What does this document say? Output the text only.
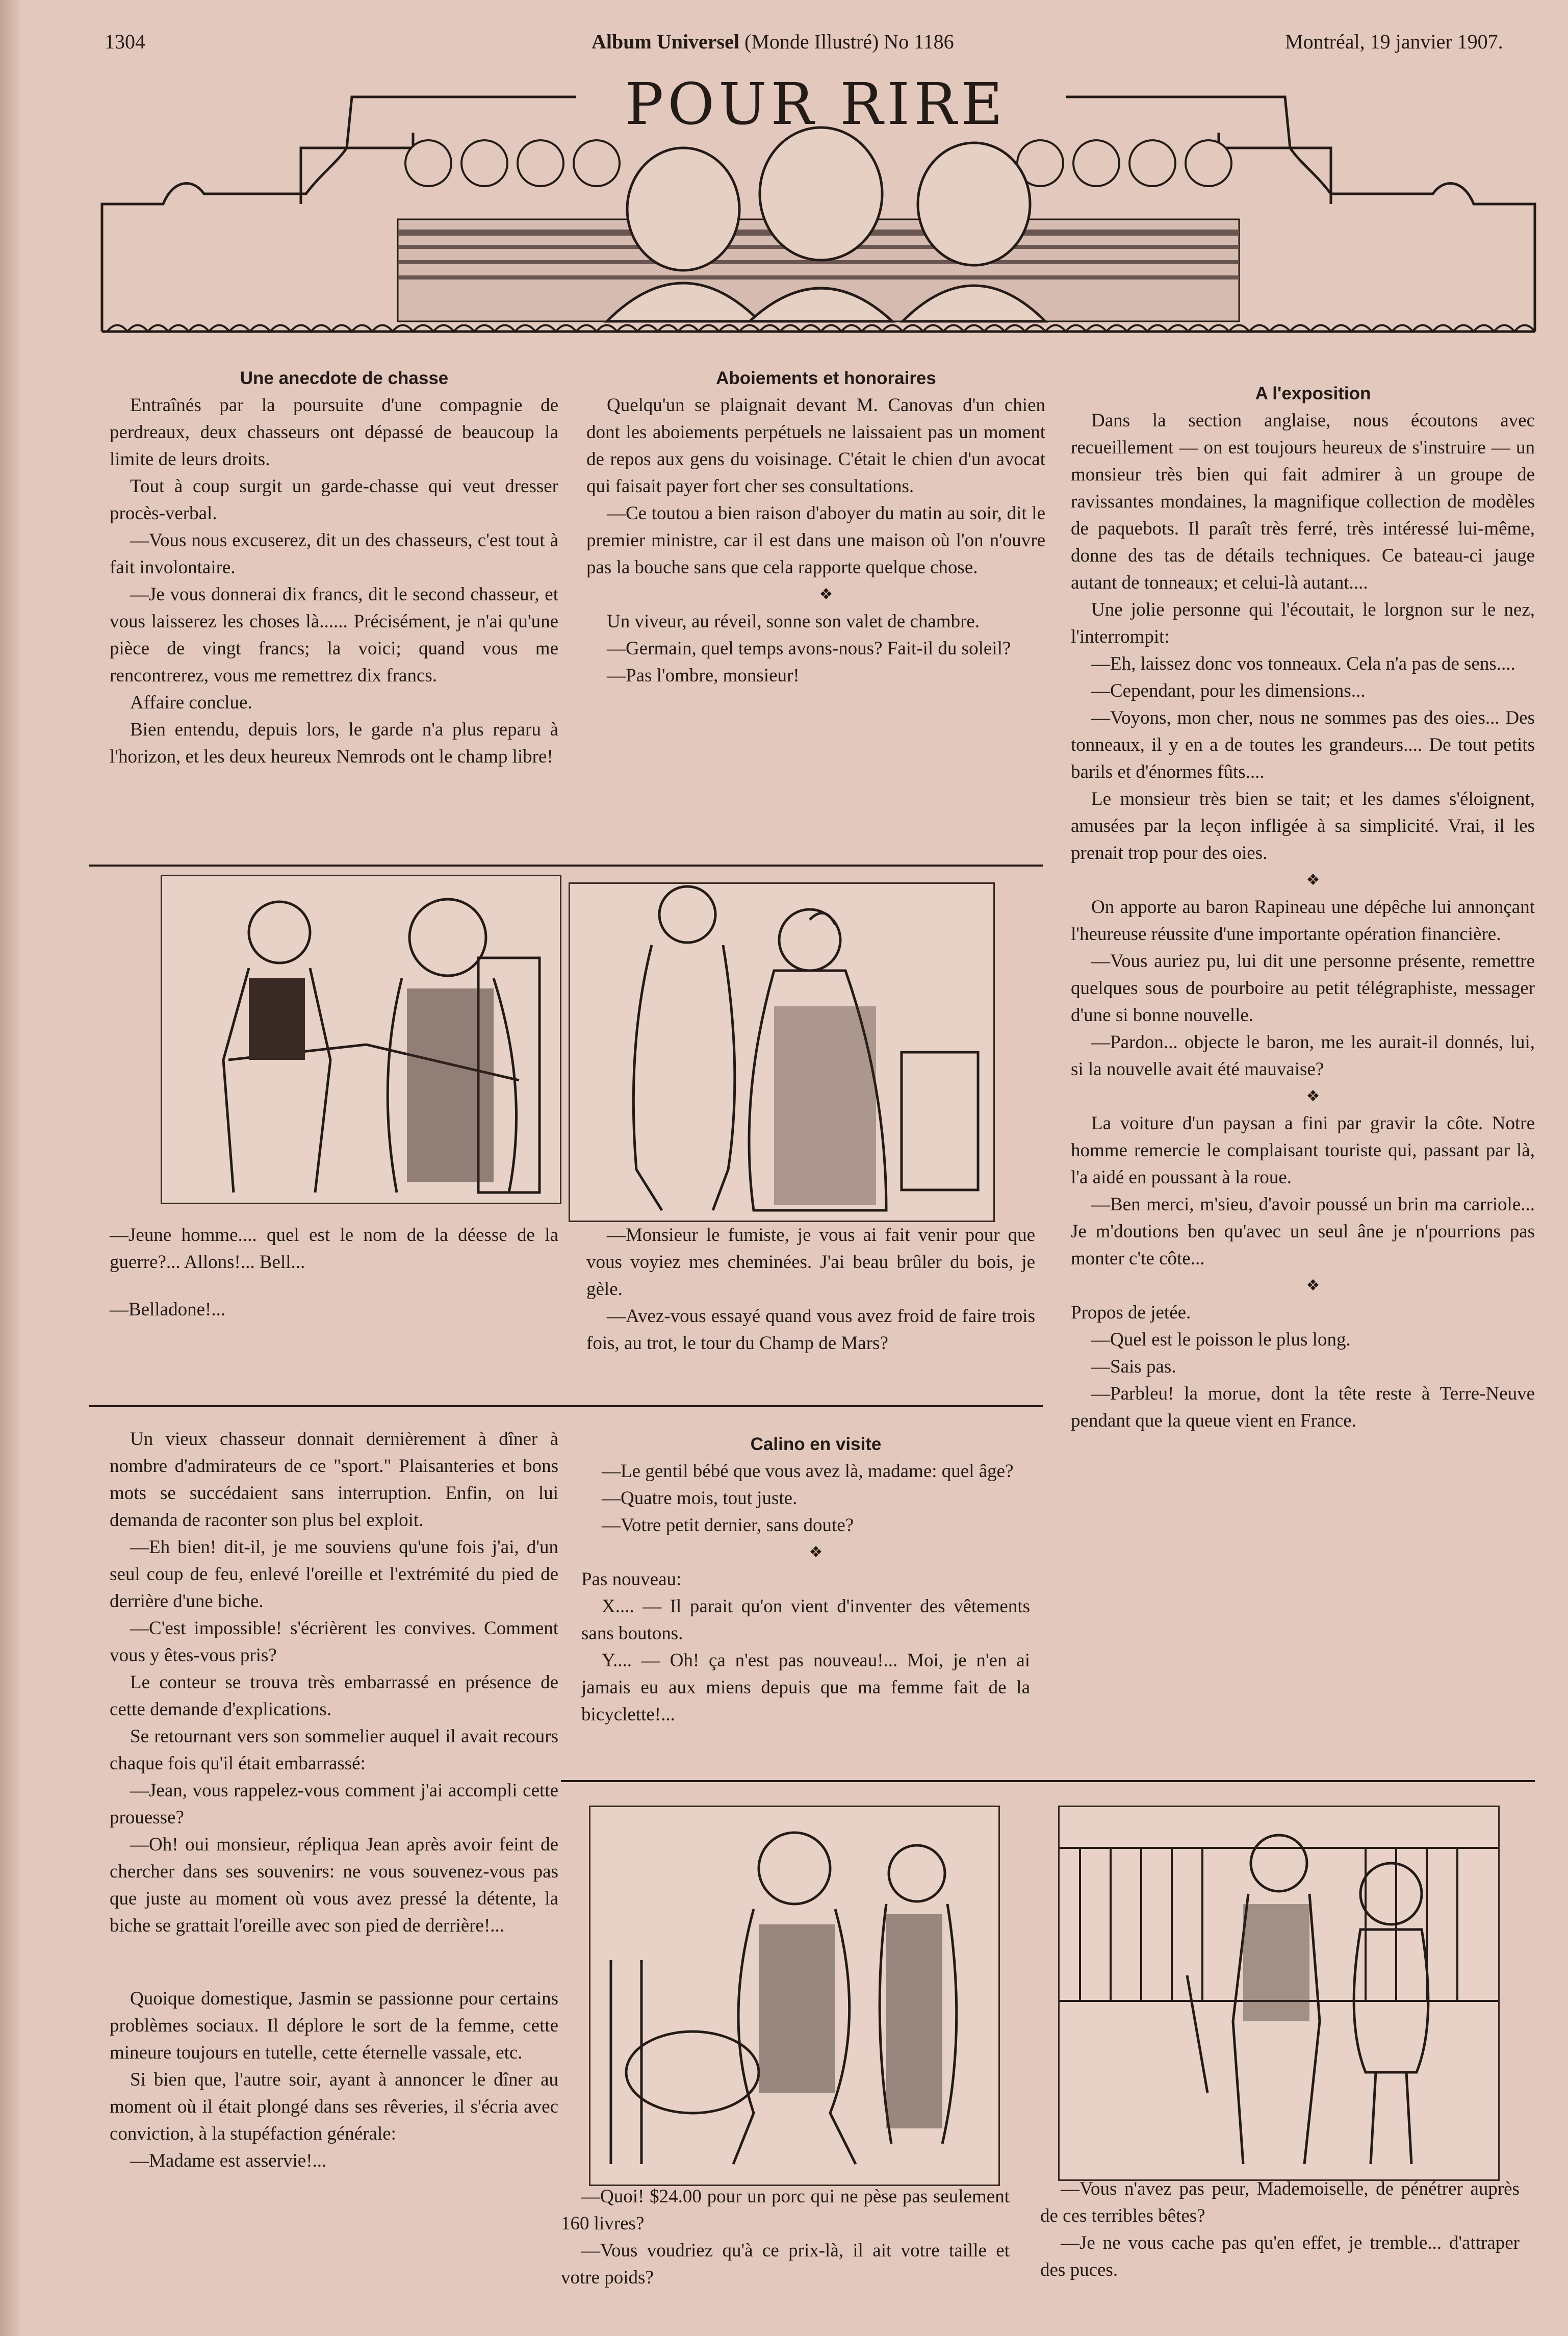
1304	Album Universel (Monde Illustré) No 1186	Montréal, 19 janvier 1907.
POUR RIRE

Une anecdote de chasse

Entraînés par la poursuite d'une compagnie de perdreaux, deux chasseurs ont dépassé de beaucoup la limite de leurs droits.

Tout à coup surgit un garde-chasse qui veut dresser procès-verbal.

—Vous nous excuserez, dit un des chasseurs, c'est tout à fait involontaire.

—Je vous donnerai dix francs, dit le second chasseur, et vous laisserez les choses là...... Précisément, je n'ai qu'une pièce de vingt francs; la voici; quand vous me rencontrerez, vous me remettrez dix francs.

Affaire conclue.

Bien entendu, depuis lors, le garde n'a plus reparu à l'horizon, et les deux heureux Nemrods ont le champ libre!

Aboiements et honoraires

Quelqu'un se plaignait devant M. Canovas d'un chien dont les aboiements perpétuels ne laissaient pas un moment de repos aux gens du voisinage. C'était le chien d'un avocat qui faisait payer fort cher ses consultations.

—Ce toutou a bien raison d'aboyer du matin au soir, dit le premier ministre, car il est dans une maison où l'on n'ouvre pas la bouche sans que cela rapporte quelque chose.

❖

Un viveur, au réveil, sonne son valet de chambre.

—Germain, quel temps avons-nous? Fait-il du soleil?

—Pas l'ombre, monsieur!

A l'exposition

Dans la section anglaise, nous écoutons avec recueillement — on est toujours heureux de s'instruire — un monsieur très bien qui fait admirer à un groupe de ravissantes mondaines, la magnifique collection de modèles de paquebots. Il paraît très ferré, très intéressé lui-même, donne des tas de détails techniques. Ce bateau-ci jauge autant de tonneaux; et celui-là autant....

Une jolie personne qui l'écoutait, le lorgnon sur le nez, l'interrompit:

—Eh, laissez donc vos tonneaux. Cela n'a pas de sens....

—Cependant, pour les dimensions...

—Voyons, mon cher, nous ne sommes pas des oies... Des tonneaux, il y en a de toutes les grandeurs.... De tout petits barils et d'énormes fûts....

Le monsieur très bien se tait; et les dames s'éloignent, amusées par la leçon infligée à sa simplicité. Vrai, il les prenait trop pour des oies.

❖

On apporte au baron Rapineau une dépêche lui annonçant l'heureuse réussite d'une importante opération financière.

—Vous auriez pu, lui dit une personne présente, remettre quelques sous de pourboire au petit télégraphiste, messager d'une si bonne nouvelle.

—Pardon... objecte le baron, me les aurait-il donnés, lui, si la nouvelle avait été mauvaise?

❖

La voiture d'un paysan a fini par gravir la côte. Notre homme remercie le complaisant touriste qui, passant par là, l'a aidé en poussant à la roue.

—Ben merci, m'sieu, d'avoir poussé un brin ma carriole... Je m'doutions ben qu'avec un seul âne je n'pourrions pas monter c'te côte...

❖

Propos de jetée.

—Quel est le poisson le plus long.

—Sais pas.

—Parbleu! la morue, dont la tête reste à Terre-Neuve pendant que la queue vient en France.

—Jeune homme.... quel est le nom de la déesse de la guerre?... Allons!... Bell...

—Belladone!...

—Monsieur le fumiste, je vous ai fait venir pour que vous voyiez mes cheminées. J'ai beau brûler du bois, je gèle.

—Avez-vous essayé quand vous avez froid de faire trois fois, au trot, le tour du Champ de Mars?

Un vieux chasseur donnait dernièrement à dîner à nombre d'admirateurs de ce "sport." Plaisanteries et bons mots se succédaient sans interruption. Enfin, on lui demanda de raconter son plus bel exploit.

—Eh bien! dit-il, je me souviens qu'une fois j'ai, d'un seul coup de feu, enlevé l'oreille et l'extrémité du pied de derrière d'une biche.

—C'est impossible! s'écrièrent les convives. Comment vous y êtes-vous pris?

Le conteur se trouva très embarrassé en présence de cette demande d'explications.

Se retournant vers son sommelier auquel il avait recours chaque fois qu'il était embarrassé:

—Jean, vous rappelez-vous comment j'ai accompli cette prouesse?

—Oh! oui monsieur, répliqua Jean après avoir feint de chercher dans ses souvenirs: ne vous souvenez-vous pas que juste au moment où vous avez pressé la détente, la biche se grattait l'oreille avec son pied de derrière!...

Quoique domestique, Jasmin se passionne pour certains problèmes sociaux. Il déplore le sort de la femme, cette mineure toujours en tutelle, cette éternelle vassale, etc.

Si bien que, l'autre soir, ayant à annoncer le dîner au moment où il était plongé dans ses rêveries, il s'écria avec conviction, à la stupéfaction générale:

—Madame est asservie!...

Calino en visite

—Le gentil bébé que vous avez là, madame: quel âge?

—Quatre mois, tout juste.

—Votre petit dernier, sans doute?

❖

Pas nouveau:

X.... — Il parait qu'on vient d'inventer des vêtements sans boutons.

Y.... — Oh! ça n'est pas nouveau!... Moi, je n'en ai jamais eu aux miens depuis que ma femme fait de la bicyclette!...

—Quoi! $24.00 pour un porc qui ne pèse pas seulement 160 livres?

—Vous voudriez qu'à ce prix-là, il ait votre taille et votre poids?

—Vous n'avez pas peur, Mademoiselle, de pénétrer auprès de ces terribles bêtes?

—Je ne vous cache pas qu'en effet, je tremble... d'attraper des puces.
